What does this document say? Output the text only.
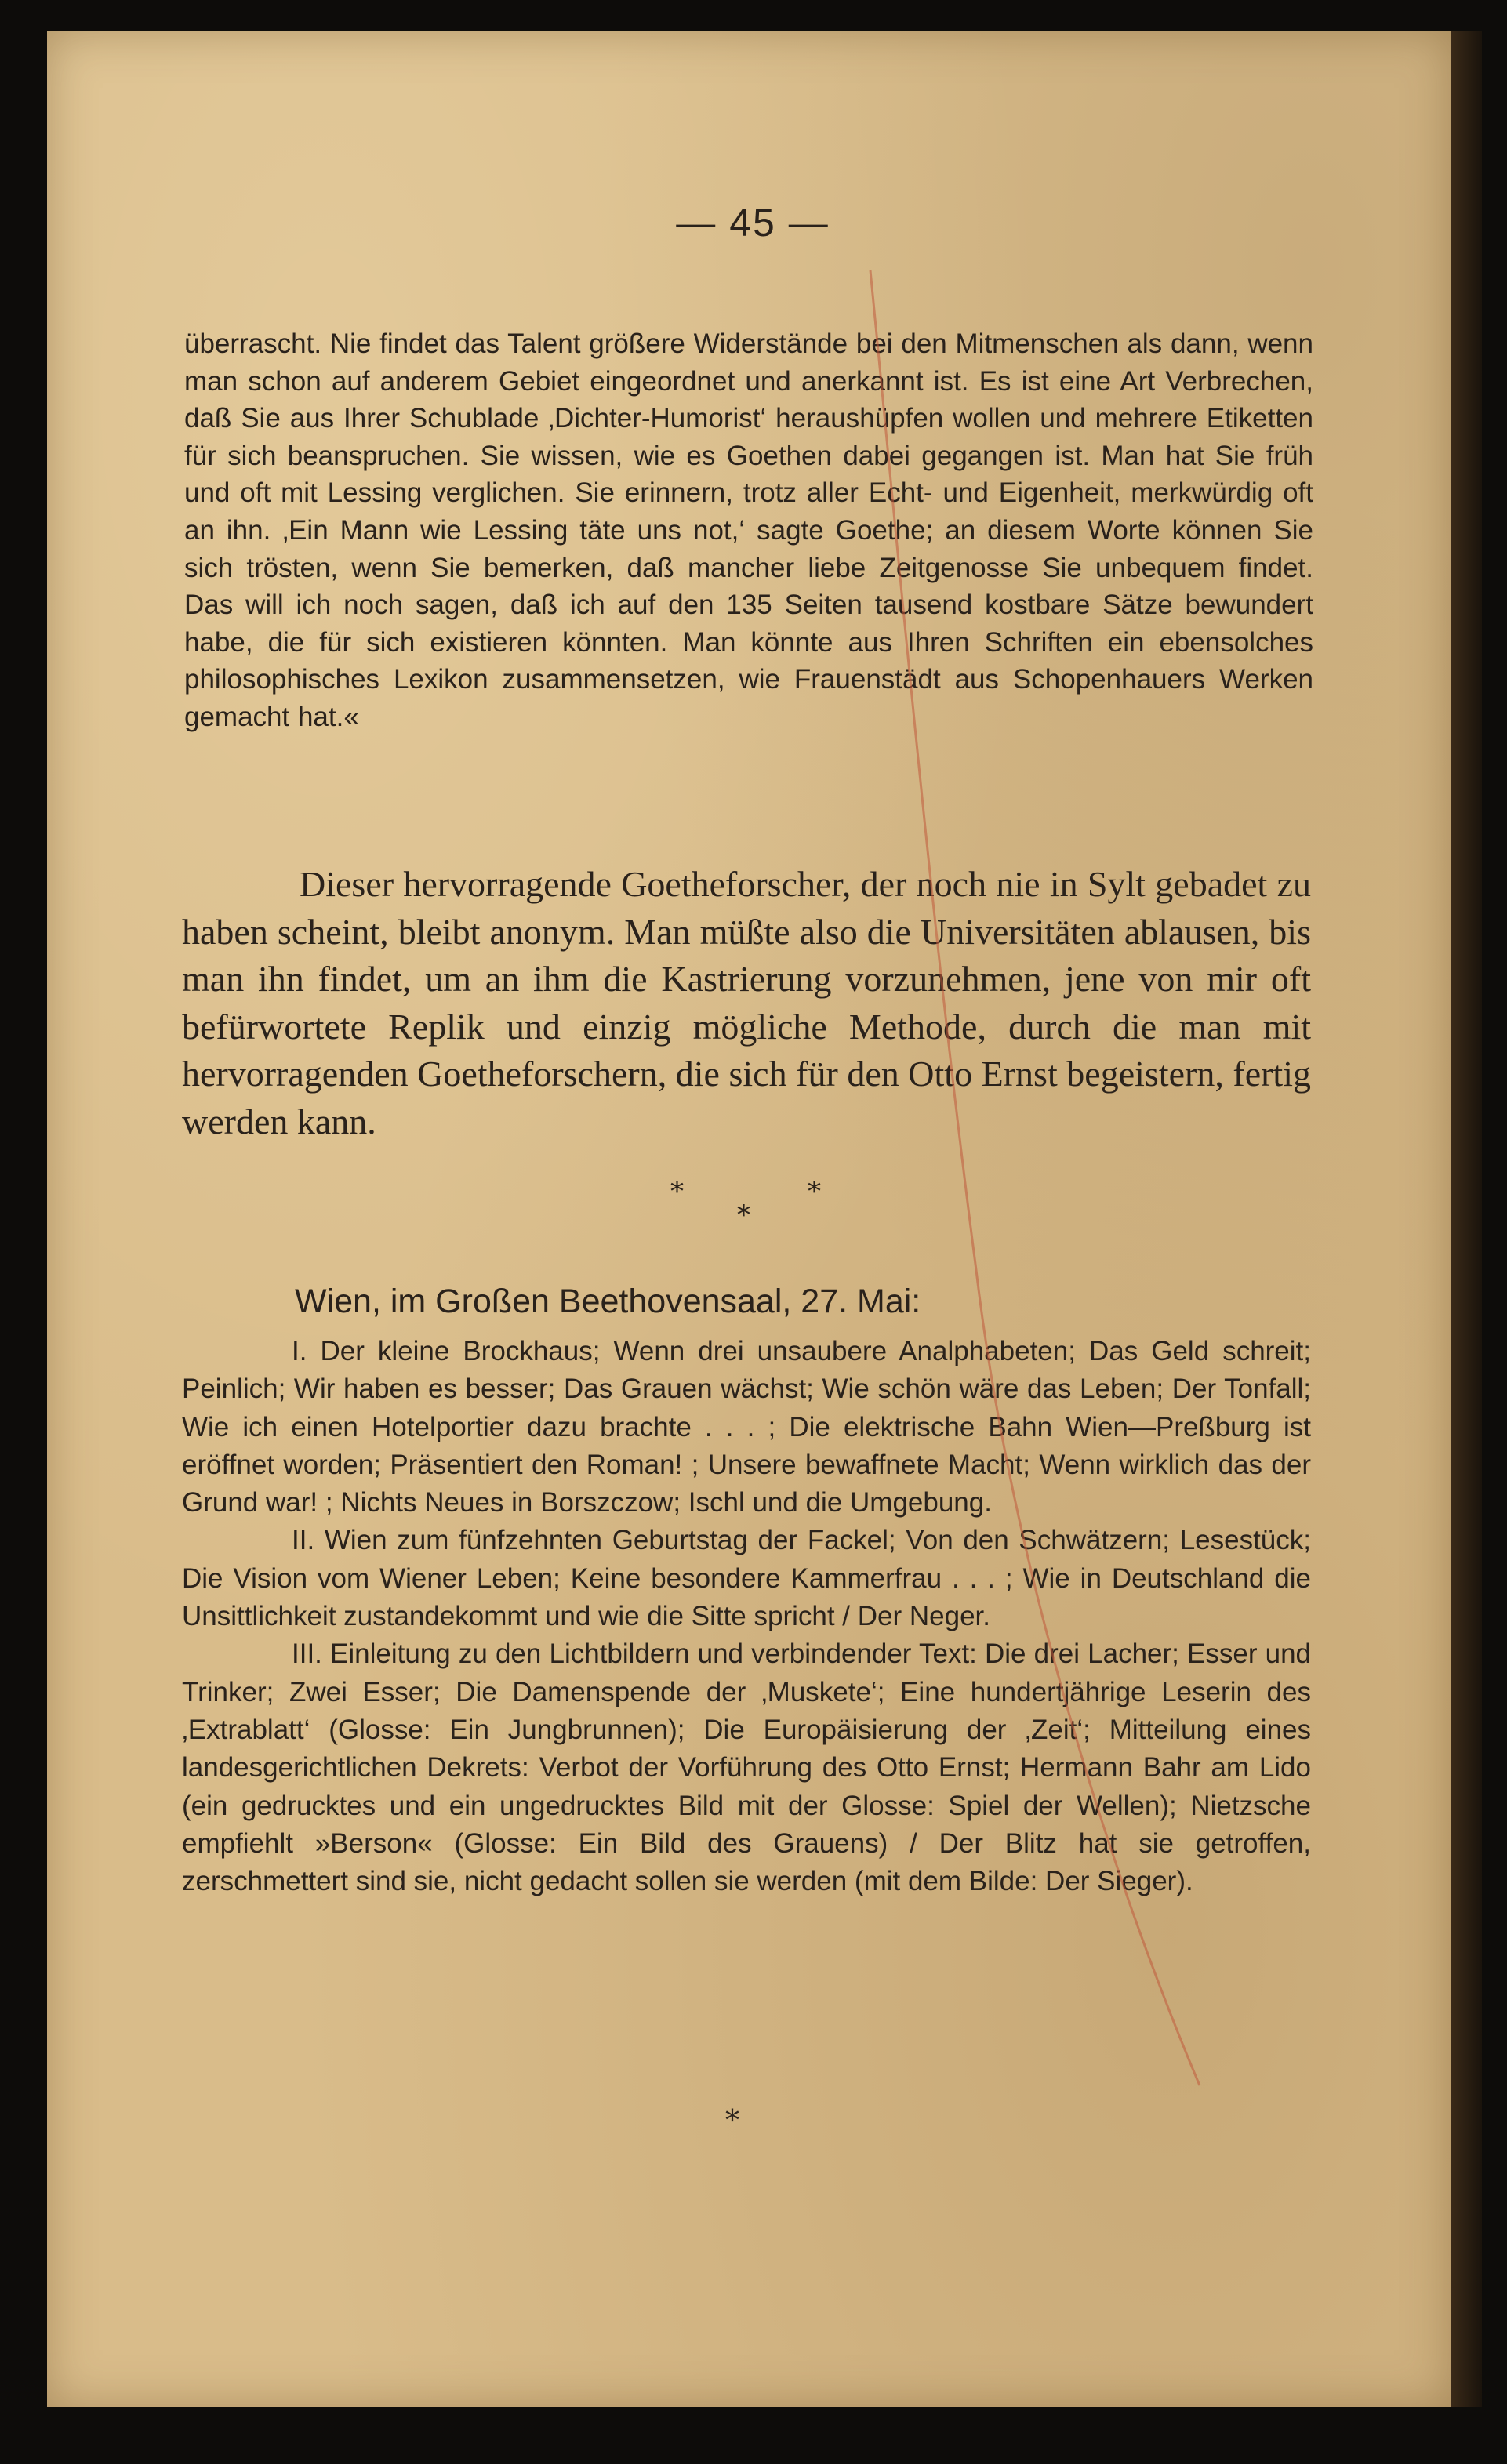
— 45 —

überrascht. Nie findet das Talent größere Widerstände bei den Mitmenschen als dann, wenn man schon auf anderem Gebiet eingeordnet und anerkannt ist. Es ist eine Art Verbrechen, daß Sie aus Ihrer Schublade ‚Dichter-Humorist‘ heraushüpfen wollen und mehrere Etiketten für sich beanspruchen. Sie wissen, wie es Goethen dabei gegangen ist. Man hat Sie früh und oft mit Lessing verglichen. Sie erinnern, trotz aller Echt- und Eigenheit, merkwürdig oft an ihn. ‚Ein Mann wie Lessing täte uns not,‘ sagte Goethe; an diesem Worte können Sie sich trösten, wenn Sie bemerken, daß mancher liebe Zeitgenosse Sie unbequem findet. Das will ich noch sagen, daß ich auf den 135 Seiten tausend kostbare Sätze bewundert habe, die für sich existieren könnten. Man könnte aus Ihren Schriften ein ebensolches philosophisches Lexikon zusammensetzen, wie Frauenstädt aus Schopenhauers Werken gemacht hat.«

Dieser hervorragende Goetheforscher, der noch nie in Sylt gebadet zu haben scheint, bleibt anonym. Man müßte also die Universitäten ablausen, bis man ihn findet, um an ihm die Kastrierung vorzunehmen, jene von mir oft befürwortete Replik und einzig mögliche Methode, durch die man mit hervorragenden Goetheforschern, die sich für den Otto Ernst begeistern, fertig werden kann.

*	*
*
Wien, im Großen Beethovensaal, 27. Mai:

I. Der kleine Brockhaus; Wenn drei unsaubere Analphabeten; Das Geld schreit; Peinlich; Wir haben es besser; Das Grauen wächst; Wie schön wäre das Leben; Der Tonfall; Wie ich einen Hotelportier dazu brachte . . . ; Die elektrische Bahn Wien—Preßburg ist eröffnet worden; Präsentiert den Roman! ; Unsere bewaffnete Macht; Wenn wirklich das der Grund war! ; Nichts Neues in Borszczow; Ischl und die Umgebung.

II. Wien zum fünfzehnten Geburtstag der Fackel; Von den Schwätzern; Lesestück; Die Vision vom Wiener Leben; Keine besondere Kammerfrau . . . ; Wie in Deutschland die Unsittlichkeit zustandekommt und wie die Sitte spricht / Der Neger.

III. Einleitung zu den Lichtbildern und verbindender Text: Die drei Lacher; Esser und Trinker; Zwei Esser; Die Damenspende der ‚Muskete‘; Eine hundertjährige Leserin des ‚Extrablatt‘ (Glosse: Ein Jungbrunnen); Die Europäisierung der ‚Zeit‘; Mitteilung eines landesgerichtlichen Dekrets: Verbot der Vorführung des Otto Ernst; Hermann Bahr am Lido (ein gedrucktes und ein ungedrucktes Bild mit der Glosse: Spiel der Wellen); Nietzsche empfiehlt »Berson« (Glosse: Ein Bild des Grauens) / Der Blitz hat sie getroffen, zerschmettert sind sie, nicht gedacht sollen sie werden (mit dem Bilde: Der Sieger).

*
